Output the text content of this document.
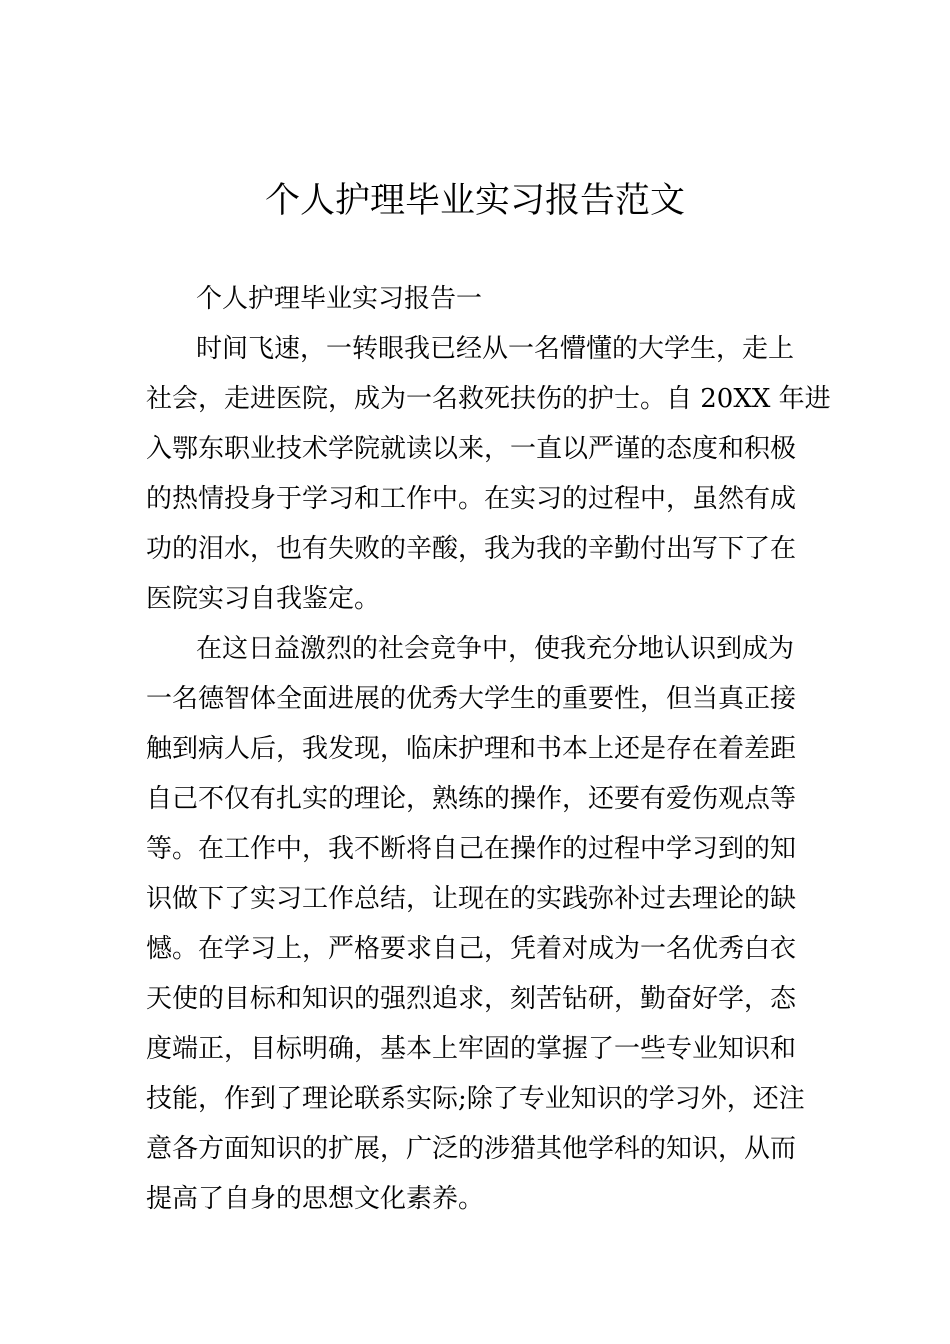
个人护理毕业实习报告范文

个人护理毕业实习报告一

时间飞速，一转眼我已经从一名懵懂的大学生，走上

社会，走进医院，成为一名救死扶伤的护士。自 20XX 年进

入鄂东职业技术学院就读以来，一直以严谨的态度和积极

的热情投身于学习和工作中。在实习的过程中，虽然有成

功的泪水，也有失败的辛酸，我为我的辛勤付出写下了在

医院实习自我鉴定。

在这日益激烈的社会竞争中，使我充分地认识到成为

一名德智体全面进展的优秀大学生的重要性，但当真正接

触到病人后，我发现，临床护理和书本上还是存在着差距

自己不仅有扎实的理论，熟练的操作，还要有爱伤观点等

等。在工作中，我不断将自己在操作的过程中学习到的知

识做下了实习工作总结，让现在的实践弥补过去理论的缺

憾。在学习上，严格要求自己，凭着对成为一名优秀白衣

天使的目标和知识的强烈追求，刻苦钻研，勤奋好学，态

度端正，目标明确，基本上牢固的掌握了一些专业知识和

技能，作到了理论联系实际;除了专业知识的学习外，还注

意各方面知识的扩展，广泛的涉猎其他学科的知识，从而

提高了自身的思想文化素养。
